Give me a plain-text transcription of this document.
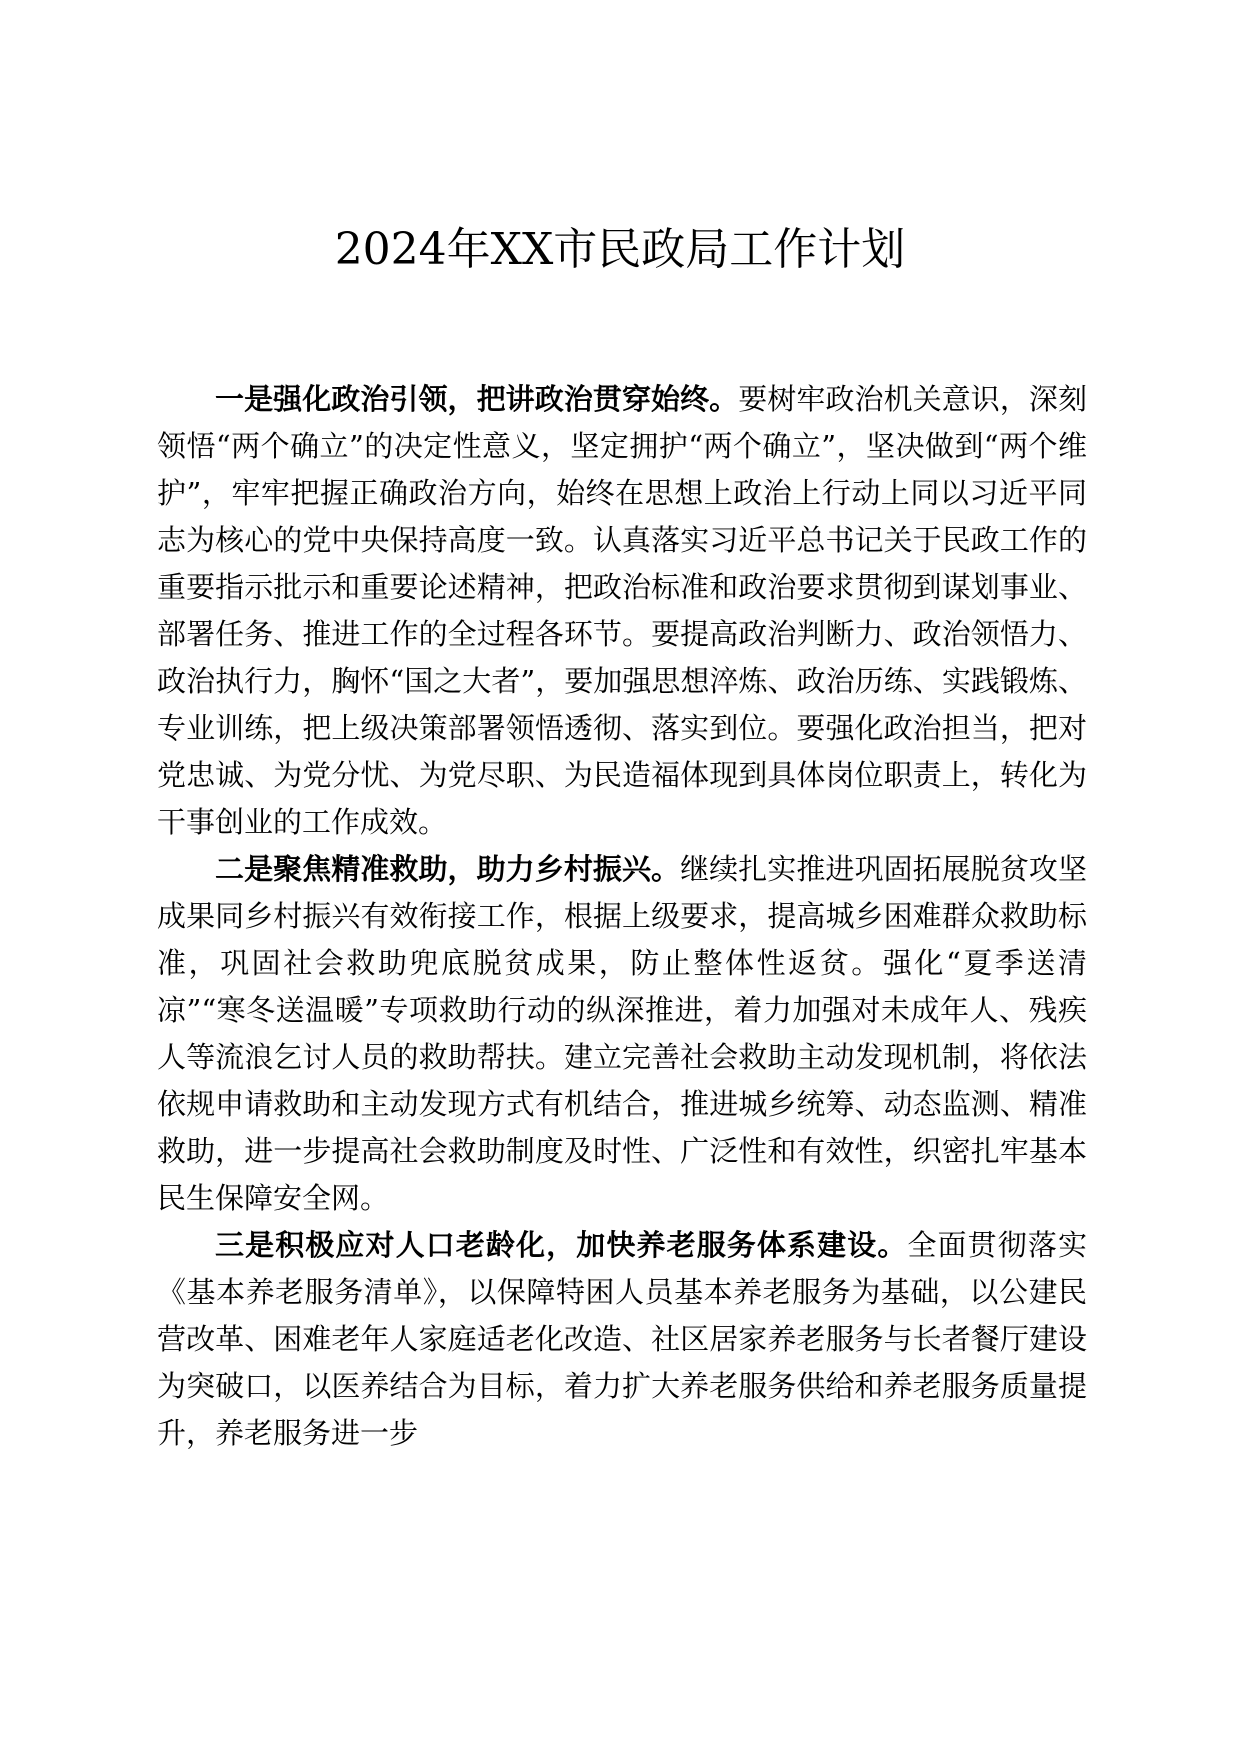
2024年XX市民政局工作计划

一是强化政治引领，把讲政治贯穿始终。要树牢政治机关意识，深刻领悟“两个确立”的决定性意义，坚定拥护“两个确立”，坚决做到“两个维护”，牢牢把握正确政治方向，始终在思想上政治上行动上同以习近平同志为核心的党中央保持高度一致。认真落实习近平总书记关于民政工作的重要指示批示和重要论述精神，把政治标准和政治要求贯彻到谋划事业、部署任务、推进工作的全过程各环节。要提高政治判断力、政治领悟力、政治执行力，胸怀“国之大者”，要加强思想淬炼、政治历练、实践锻炼、专业训练，把上级决策部署领悟透彻、落实到位。要强化政治担当，把对党忠诚、为党分忧、为党尽职、为民造福体现到具体岗位职责上，转化为干事创业的工作成效。

二是聚焦精准救助，助力乡村振兴。继续扎实推进巩固拓展脱贫攻坚成果同乡村振兴有效衔接工作，根据上级要求，提高城乡困难群众救助标准，巩固社会救助兜底脱贫成果，防止整体性返贫。强化“夏季送清凉”“寒冬送温暖”专项救助行动的纵深推进，着力加强对未成年人、残疾人等流浪乞讨人员的救助帮扶。建立完善社会救助主动发现机制，将依法依规申请救助和主动发现方式有机结合，推进城乡统筹、动态监测、精准救助，进一步提高社会救助制度及时性、广泛性和有效性，织密扎牢基本民生保障安全网。

三是积极应对人口老龄化，加快养老服务体系建设。全面贯彻落实《基本养老服务清单》，以保障特困人员基本养老服务为基础，以公建民营改革、困难老年人家庭适老化改造、社区居家养老服务与长者餐厅建设为突破口，以医养结合为目标，着力扩大养老服务供给和养老服务质量提升，养老服务进一步
